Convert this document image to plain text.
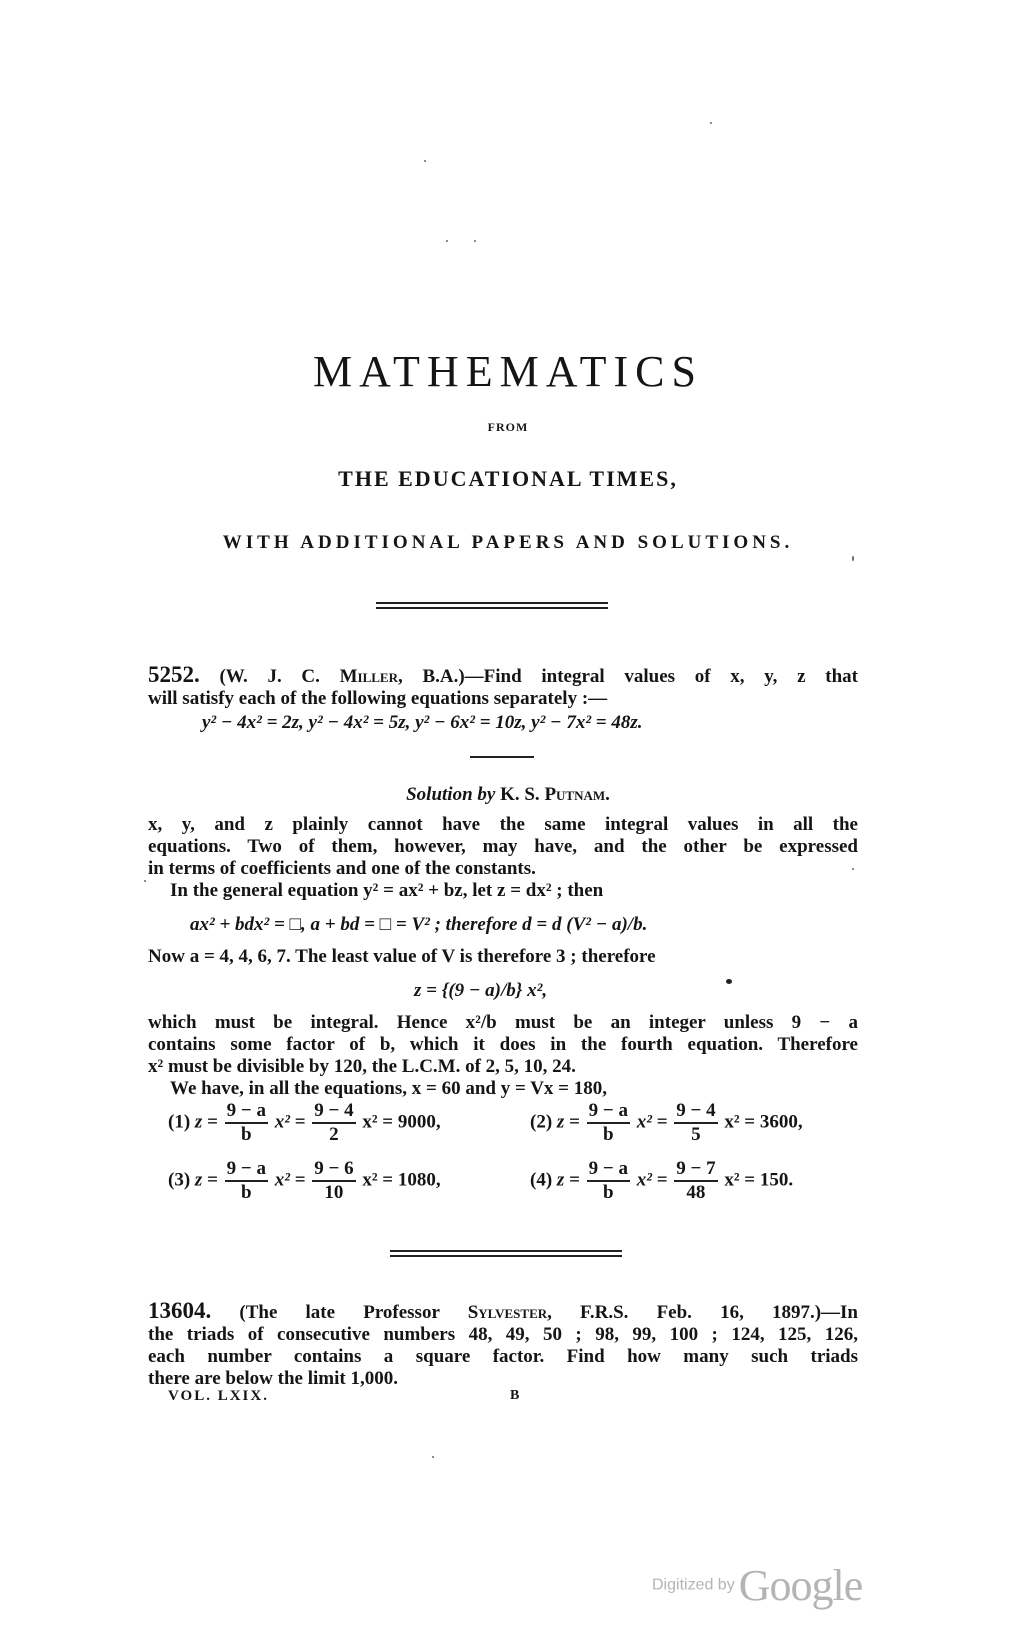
MATHEMATICS
FROM
THE EDUCATIONAL TIMES,
WITH ADDITIONAL PAPERS AND SOLUTIONS.
5252. (W. J. C. Miller, B.A.)—Find integral values of x, y, z that
will satisfy each of the following equations separately :—
y² − 4x² = 2z, y² − 4x² = 5z, y² − 6x² = 10z, y² − 7x² = 48z.
Solution by K. S. Putnam.
x, y, and z plainly cannot have the same integral values in all the
equations. Two of them, however, may have, and the other be expressed
in terms of coefficients and one of the constants.
In the general equation y² = ax² + bz, let z = dx² ; then
ax² + bdx² = □, a + bd = □ = V² ; therefore d = d (V² − a)/b.
Now a = 4, 4, 6, 7. The least value of V is therefore 3 ; therefore
z = {(9 − a)/b} x²,
which must be integral. Hence x²/b must be an integer unless 9 − a
contains some factor of b, which it does in the fourth equation. Therefore
x² must be divisible by 120, the L.C.M. of 2, 5, 10, 24.
We have, in all the equations, x = 60 and y = Vx = 180,
(1) $z = \frac{9 - a}{b} x^2 = \frac{9 - 4}{2} x^2 = 9000$,	(2) $z = \frac{9 - a}{b} x^2 = \frac{9 - 4}{5} x^2 = 3600$,
(3) $z = \frac{9 - a}{b} x^2 = \frac{9 - 6}{10} x^2 = 1080$,	(4) $z = \frac{9 - a}{b} x^2 = \frac{9 - 7}{48} x^2 = 150$.
13604. (The late Professor Sylvester, F.R.S. Feb. 16, 1897.)—In
the triads of consecutive numbers 48, 49, 50 ; 98, 99, 100 ; 124, 125, 126,
each number contains a square factor. Find how many such triads
there are below the limit 1,000.
VOL. LXIX.	B
Digitized by Google
